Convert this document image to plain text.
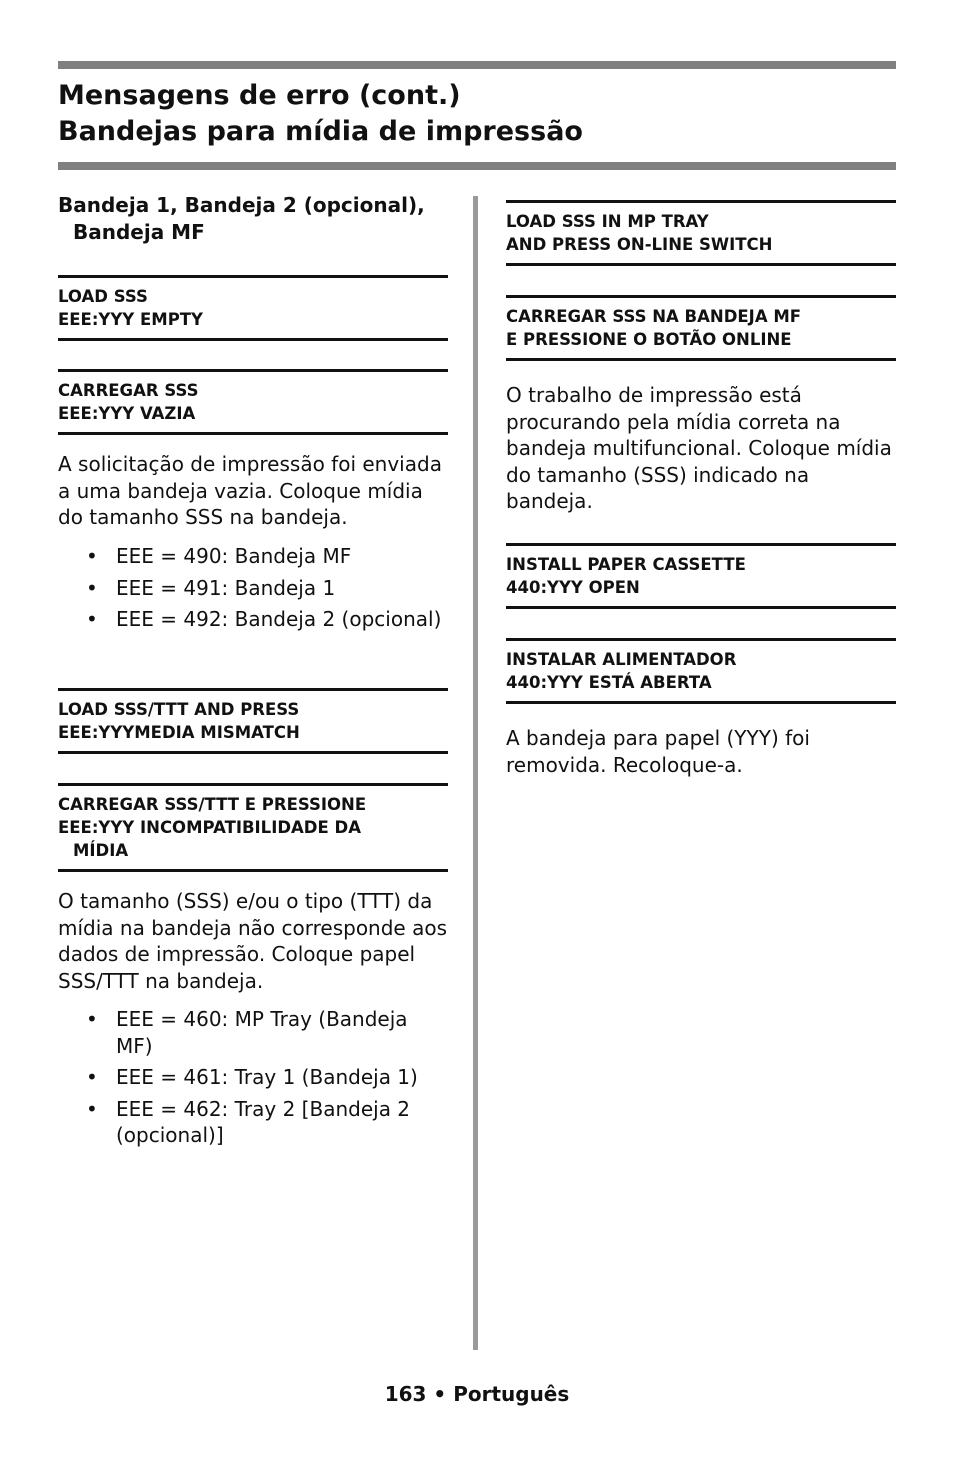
Mensagens de erro (cont.)
Bandejas para mídia de impressão
Bandeja 1, Bandeja 2 (opcional),
Bandeja MF
LOAD SSS
EEE:YYY EMPTY
CARREGAR SSS
EEE:YYY VAZIA

A solicitação de impressão foi enviada a uma bandeja vazia. Coloque mídia do tamanho SSS na bandeja.

• EEE = 490: Bandeja MF
• EEE = 491: Bandeja 1
• EEE = 492: Bandeja 2 (opcional)
LOAD SSS/TTT AND PRESS
EEE:YYYMEDIA MISMATCH
CARREGAR SSS/TTT E PRESSIONE
EEE:YYY INCOMPATIBILIDADE DA
MÍDIA

O tamanho (SSS) e/ou o tipo (TTT) da mídia na bandeja não corresponde aos dados de impressão. Coloque papel SSS/TTT na bandeja.

• EEE = 460: MP Tray (Bandeja MF)
• EEE = 461: Tray 1 (Bandeja 1)
• EEE = 462: Tray 2 [Bandeja 2 (opcional)]
LOAD SSS IN MP TRAY
AND PRESS ON-LINE SWITCH
CARREGAR SSS NA BANDEJA MF
E PRESSIONE O BOTÃO ONLINE

O trabalho de impressão está procurando pela mídia correta na bandeja multifuncional. Coloque mídia do tamanho (SSS) indicado na bandeja.

INSTALL PAPER CASSETTE
440:YYY OPEN
INSTALAR ALIMENTADOR
440:YYY ESTÁ ABERTA

A bandeja para papel (YYY) foi removida. Recoloque-a.

163 • Português
